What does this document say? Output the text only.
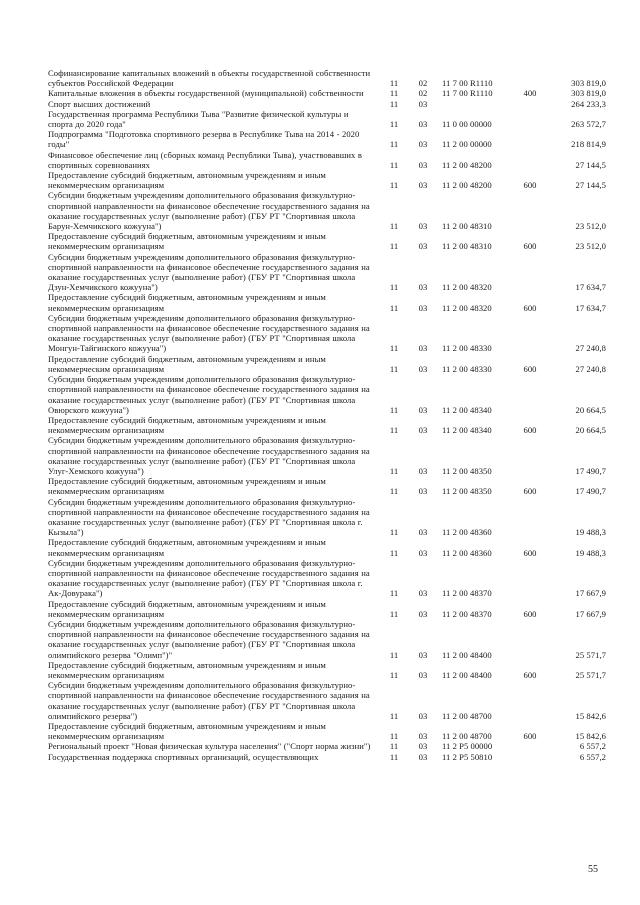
Софинансирование капитальных вложений в объекты государственной собственности субъектов Российской Федерации	11	02	11 7 00 R1110		303 819,0
Капитальные вложения в объекты государственной (муниципальной) собственности	11	02	11 7 00 R1110	400	303 819,0
Спорт высших достижений	11	03			264 233,3
Государственная программа Республики Тыва "Развитие физической культуры и спорта до 2020 года"	11	03	11 0 00 00000		263 572,7
Подпрограмма "Подготовка спортивного резерва в Республике Тыва на 2014 - 2020 годы"	11	03	11 2 00 00000		218 814,9
Финансовое обеспечение лиц (сборных команд Республики Тыва), участвовавших в спортивных соревнованиях	11	03	11 2 00 48200		27 144,5
Предоставление субсидий бюджетным, автономным учреждениям и иным некоммерческим организациям	11	03	11 2 00 48200	600	27 144,5
Субсидии бюджетным учреждениям дополнительного образования физкультурно-спортивной направленности на финансовое обеспечение государственного задания на оказание государственных услуг (выполнение работ) (ГБУ РТ "Спортивная школа Барун-Хемчикского кожууна")	11	03	11 2 00 48310		23 512,0
Предоставление субсидий бюджетным, автономным учреждениям и иным некоммерческим организациям	11	03	11 2 00 48310	600	23 512,0
Субсидии бюджетным учреждениям дополнительного образования физкультурно-спортивной направленности на финансовое обеспечение государственного задания на оказание государственных услуг (выполнение работ) (ГБУ РТ "Спортивная школа Дзун-Хемчикского кожууна")	11	03	11 2 00 48320		17 634,7
Предоставление субсидий бюджетным, автономным учреждениям и иным некоммерческим организациям	11	03	11 2 00 48320	600	17 634,7
Субсидии бюджетным учреждениям дополнительного образования физкультурно-спортивной направленности на финансовое обеспечение государственного задания на оказание государственных услуг (выполнение работ) (ГБУ РТ "Спортивная школа Монгун-Тайгинского кожууна")	11	03	11 2 00 48330		27 240,8
Предоставление субсидий бюджетным, автономным учреждениям и иным некоммерческим организациям	11	03	11 2 00 48330	600	27 240,8
Субсидии бюджетным учреждениям дополнительного образования физкультурно-спортивной направленности на финансовое обеспечение государственного задания на оказание государственных услуг (выполнение работ) (ГБУ РТ "Спортивная школа Овюрского кожууна")	11	03	11 2 00 48340		20 664,5
Предоставление субсидий бюджетным, автономным учреждениям и иным некоммерческим организациям	11	03	11 2 00 48340	600	20 664,5
Субсидии бюджетным учреждениям дополнительного образования физкультурно-спортивной направленности на финансовое обеспечение государственного задания на оказание государственных услуг (выполнение работ) (ГБУ РТ "Спортивная школа Улуг-Хемского кожууна")	11	03	11 2 00 48350		17 490,7
Предоставление субсидий бюджетным, автономным учреждениям и иным некоммерческим организациям	11	03	11 2 00 48350	600	17 490,7
Субсидии бюджетным учреждениям дополнительного образования физкультурно-спортивной направленности на финансовое обеспечение государственного задания на оказание государственных услуг (выполнение работ) (ГБУ РТ "Спортивная школа г. Кызыла")	11	03	11 2 00 48360		19 488,3
Предоставление субсидий бюджетным, автономным учреждениям и иным некоммерческим организациям	11	03	11 2 00 48360	600	19 488,3
Субсидии бюджетным учреждениям дополнительного образования физкультурно-спортивной направленности на финансовое обеспечение государственного задания на оказание государственных услуг (выполнение работ) (ГБУ РТ "Спортивная школа г. Ак-Довурака")	11	03	11 2 00 48370		17 667,9
Предоставление субсидий бюджетным, автономным учреждениям и иным некоммерческим организациям	11	03	11 2 00 48370	600	17 667,9
Субсидии бюджетным учреждениям дополнительного образования физкультурно-спортивной направленности на финансовое обеспечение государственного задания на оказание государственных услуг (выполнение работ) (ГБУ РТ "Спортивная школа олимпийского резерва "Олимп")"	11	03	11 2 00 48400		25 571,7
Предоставление субсидий бюджетным, автономным учреждениям и иным некоммерческим организациям	11	03	11 2 00 48400	600	25 571,7
Субсидии бюджетным учреждениям дополнительного образования физкультурно-спортивной направленности на финансовое обеспечение государственного задания на оказание государственных услуг (выполнение работ) (ГБУ РТ "Спортивная школа олимпийского резерва")	11	03	11 2 00 48700		15 842,6
Предоставление субсидий бюджетным, автономным учреждениям и иным некоммерческим организациям	11	03	11 2 00 48700	600	15 842,6
Региональный проект "Новая физическая культура населения" ("Спорт норма жизни")	11	03	11 2 P5 00000		6 557,2
Государственная поддержка спортивных организаций, осуществляющих	11	03	11 2 P5 50810		6 557,2
55
